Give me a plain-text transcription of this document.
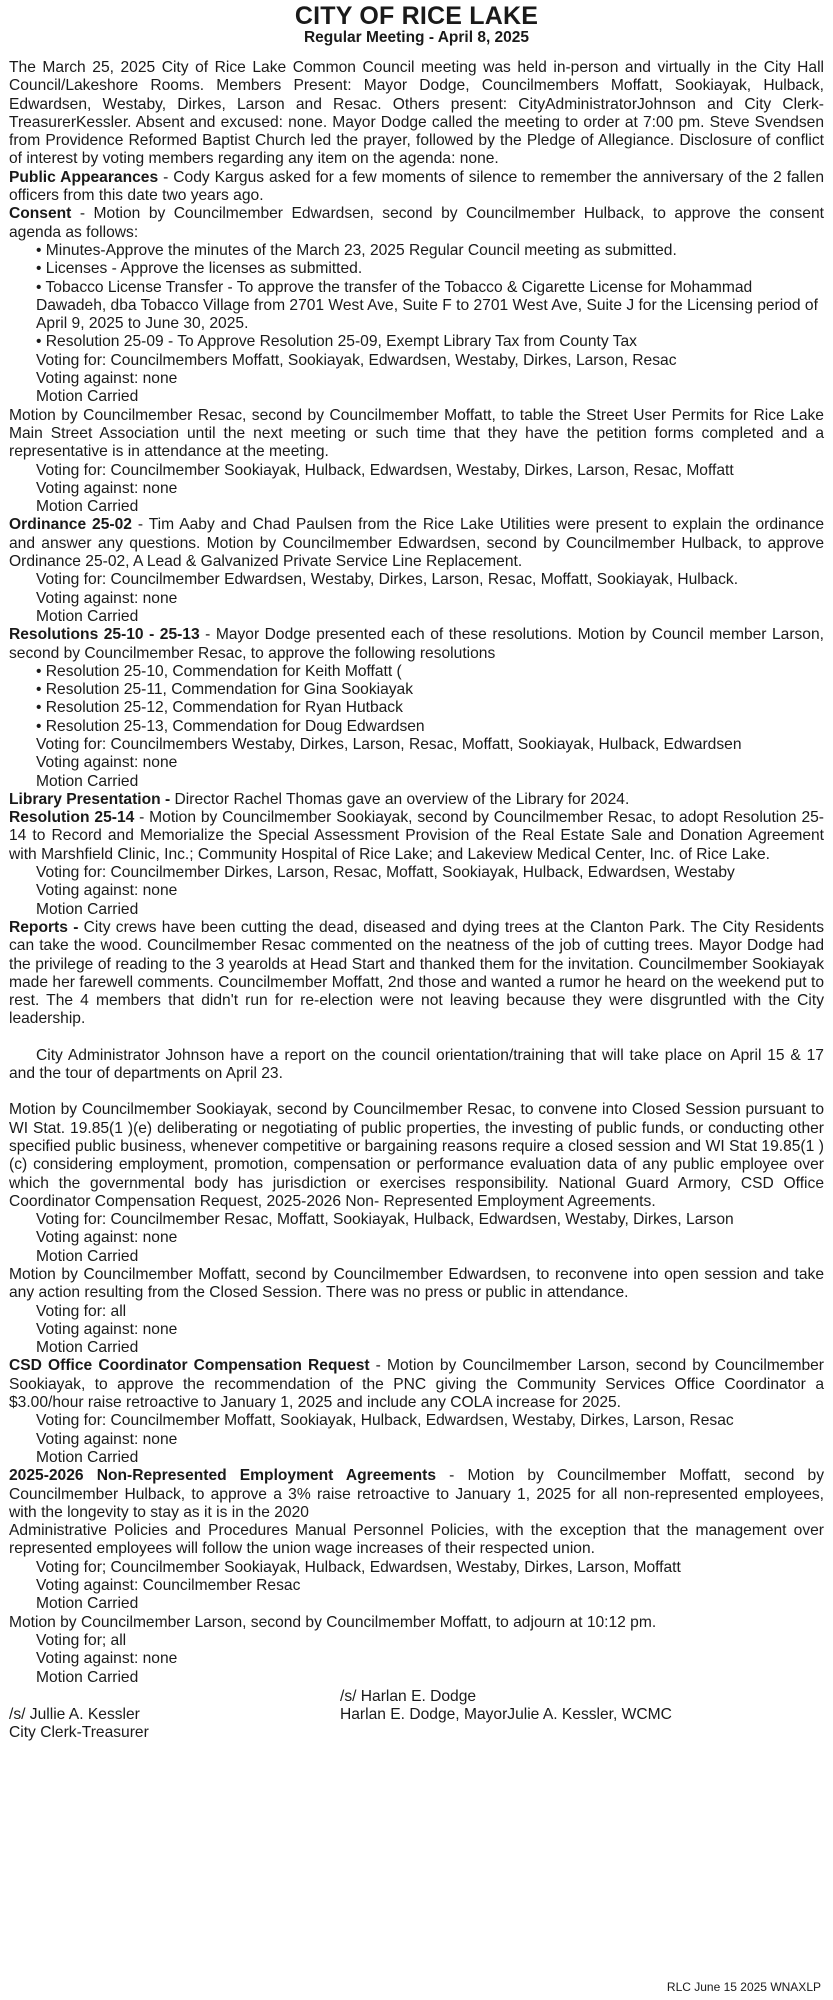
CITY OF RICE LAKE
Regular Meeting - April 8, 2025

The March 25, 2025 City of Rice Lake Common Council meeting was held in-person and virtually in the City Hall Council/Lakeshore Rooms. Members Present: Mayor Dodge, Councilmembers Moffatt, Sookiayak, Hulback, Edwardsen, Westaby, Dirkes, Larson and Resac. Others present: CityAdministratorJohnson and City Clerk-TreasurerKessler. Absent and excused: none. Mayor Dodge called the meeting to order at 7:00 pm. Steve Svendsen from Providence Reformed Baptist Church led the prayer, followed by the Pledge of Allegiance. Disclosure of conflict of interest by voting members regarding any item on the agenda: none.

Public Appearances - Cody Kargus asked for a few moments of silence to remember the anniversary of the 2 fallen officers from this date two years ago.

Consent - Motion by Councilmember Edwardsen, second by Councilmember Hulback, to approve the consent agenda as follows:

• Minutes-Approve the minutes of the March 23, 2025 Regular Council meeting as submitted.
• Licenses - Approve the licenses as submitted.
• Tobacco License Transfer - To approve the transfer of the Tobacco & Cigarette License for Mohammad Dawadeh, dba Tobacco Village from 2701 West Ave, Suite F to 2701 West Ave, Suite J for the Licensing period of April 9, 2025 to June 30, 2025.
• Resolution 25-09 - To Approve Resolution 25-09, Exempt Library Tax from County Tax
Voting for: Councilmembers Moffatt, Sookiayak, Edwardsen, Westaby, Dirkes, Larson, Resac
Voting against: none
Motion Carried

Motion by Councilmember Resac, second by Councilmember Moffatt, to table the Street User Permits for Rice Lake Main Street Association until the next meeting or such time that they have the petition forms completed and a representative is in attendance at the meeting.

Voting for: Councilmember Sookiayak, Hulback, Edwardsen, Westaby, Dirkes, Larson, Resac, Moffatt
Voting against: none
Motion Carried

Ordinance 25-02 - Tim Aaby and Chad Paulsen from the Rice Lake Utilities were present to explain the ordinance and answer any questions. Motion by Councilmember Edwardsen, second by Councilmember Hulback, to approve Ordinance 25-02, A Lead & Galvanized Private Service Line Replacement.

Voting for: Councilmember Edwardsen, Westaby, Dirkes, Larson, Resac, Moffatt, Sookiayak, Hulback.
Voting against: none
Motion Carried

Resolutions 25-10 - 25-13 - Mayor Dodge presented each of these resolutions. Motion by Council member Larson, second by Councilmember Resac, to approve the following resolutions

• Resolution 25-10, Commendation for Keith Moffatt (
• Resolution 25-11, Commendation for Gina Sookiayak
• Resolution 25-12, Commendation for Ryan Hutback
• Resolution 25-13, Commendation for Doug Edwardsen
Voting for: Councilmembers Westaby, Dirkes, Larson, Resac, Moffatt, Sookiayak, Hulback, Edwardsen
Voting against: none
Motion Carried

Library Presentation - Director Rachel Thomas gave an overview of the Library for 2024.

Resolution 25-14 - Motion by Councilmember Sookiayak, second by Councilmember Resac, to adopt Resolution 25-14 to Record and Memorialize the Special Assessment Provision of the Real Estate Sale and Donation Agreement with Marshfield Clinic, Inc.; Community Hospital of Rice Lake; and Lakeview Medical Center, Inc. of Rice Lake.

Voting for: Councilmember Dirkes, Larson, Resac, Moffatt, Sookiayak, Hulback, Edwardsen, Westaby
Voting against: none
Motion Carried

Reports - City crews have been cutting the dead, diseased and dying trees at the Clanton Park. The City Residents can take the wood. Councilmember Resac commented on the neatness of the job of cutting trees. Mayor Dodge had the privilege of reading to the 3 yearolds at Head Start and thanked them for the invitation. Councilmember Sookiayak made her farewell comments. Councilmember Moffatt, 2nd those and wanted a rumor he heard on the weekend put to rest. The 4 members that didn't run for re-election were not leaving because they were disgruntled with the City leadership.

City Administrator Johnson have a report on the council orientation/training that will take place on April 15 & 17 and the tour of departments on April 23.

Motion by Councilmember Sookiayak, second by Councilmember Resac, to convene into Closed Session pursuant to WI Stat. 19.85(1 )(e) deliberating or negotiating of public properties, the investing of public funds, or conducting other specified public business, whenever competitive or bargaining reasons require a closed session and WI Stat 19.85(1 )(c) considering employment, promotion, compensation or performance evaluation data of any public employee over which the governmental body has jurisdiction or exercises responsibility. National Guard Armory, CSD Office Coordinator Compensation Request, 2025-2026 Non- Represented Employment Agreements.

Voting for: Councilmember Resac, Moffatt, Sookiayak, Hulback, Edwardsen, Westaby, Dirkes, Larson
Voting against: none
Motion Carried

Motion by Councilmember Moffatt, second by Councilmember Edwardsen, to reconvene into open session and take any action resulting from the Closed Session. There was no press or public in attendance.

Voting for: all
Voting against: none
Motion Carried

CSD Office Coordinator Compensation Request - Motion by Councilmember Larson, second by Councilmember Sookiayak, to approve the recommendation of the PNC giving the Community Services Office Coordinator a $3.00/hour raise retroactive to January 1, 2025 and include any COLA increase for 2025.

Voting for: Councilmember Moffatt, Sookiayak, Hulback, Edwardsen, Westaby, Dirkes, Larson, Resac
Voting against: none
Motion Carried

2025-2026 Non-Represented Employment Agreements - Motion by Councilmember Moffatt, second by Councilmember Hulback, to approve a 3% raise retroactive to January 1, 2025 for all non-represented employees, with the longevity to stay as it is in the 2020

Administrative Policies and Procedures Manual Personnel Policies, with the exception that the management over represented employees will follow the union wage increases of their respected union.

Voting for; Councilmember Sookiayak, Hulback, Edwardsen, Westaby, Dirkes, Larson, Moffatt
Voting against: Councilmember Resac
Motion Carried

Motion by Councilmember Larson, second by Councilmember Moffatt, to adjourn at 10:12 pm.

Voting for; all
Voting against: none
Motion Carried
/s/ Jullie A. Kessler
City Clerk-Treasurer
/s/ Harlan E. Dodge
Harlan E. Dodge, MayorJulie A. Kessler, WCMC
RLC June 15 2025 WNAXLP
